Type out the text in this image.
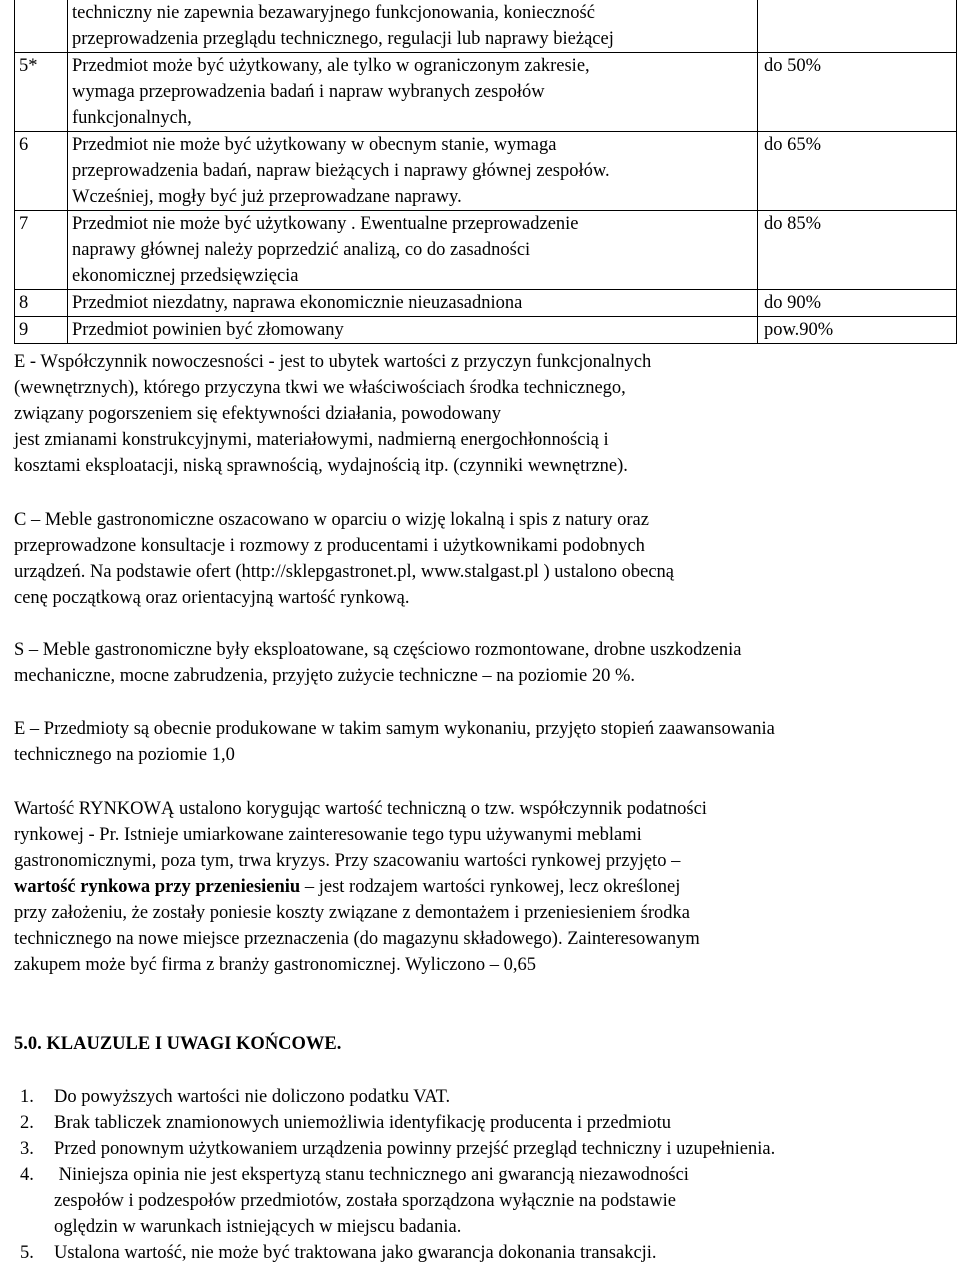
	techniczny nie zapewnia bezawaryjnego funkcjonowania, konieczność
przeprowadzenia przeglądu technicznego, regulacji lub naprawy bieżącej	

5*	Przedmiot może być użytkowany, ale tylko w ograniczonym zakresie,
wymaga przeprowadzenia badań i napraw wybranych zespołów
funkcjonalnych,	do 50%
6	Przedmiot nie może być użytkowany w obecnym stanie, wymaga
przeprowadzenia badań, napraw bieżących i naprawy głównej zespołów.
Wcześniej, mogły być już przeprowadzane naprawy.	do 65%
7	Przedmiot nie może być użytkowany . Ewentualne przeprowadzenie
naprawy głównej należy poprzedzić analizą, co do zasadności
ekonomicznej przedsięwzięcia	do 85%
8	Przedmiot niezdatny, naprawa ekonomicznie nieuzasadniona	do 90%
9	Przedmiot powinien być złomowany	pow.90%
E - Współczynnik nowoczesności - jest to ubytek wartości z przyczyn funkcjonalnych
(wewnętrznych), którego przyczyna tkwi we właściwościach środka technicznego,
związany pogorszeniem się efektywności działania, powodowany
jest zmianami konstrukcyjnymi, materiałowymi, nadmierną energochłonnością i
kosztami eksploatacji, niską sprawnością, wydajnością itp. (czynniki wewnętrzne).
C – Meble gastronomiczne oszacowano w oparciu o wizję lokalną i spis z natury oraz
przeprowadzone konsultacje i rozmowy z producentami i użytkownikami podobnych
urządzeń. Na podstawie ofert (http://sklepgastronet.pl, www.stalgast.pl ) ustalono obecną
cenę początkową oraz orientacyjną wartość rynkową.
S – Meble gastronomiczne były eksploatowane, są częściowo rozmontowane, drobne uszkodzenia
mechaniczne, mocne zabrudzenia, przyjęto zużycie techniczne – na poziomie 20 %.
E – Przedmioty są obecnie produkowane w takim samym wykonaniu, przyjęto stopień zaawansowania
technicznego na poziomie 1,0
Wartość RYNKOWĄ ustalono korygując wartość techniczną o tzw. współczynnik podatności
rynkowej - Pr. Istnieje umiarkowane zainteresowanie tego typu używanymi meblami
gastronomicznymi, poza tym, trwa kryzys. Przy szacowaniu wartości rynkowej przyjęto –
wartość rynkowa przy przeniesieniu – jest rodzajem wartości rynkowej, lecz określonej
przy założeniu, że zostały poniesie koszty związane z demontażem i przeniesieniem środka
technicznego na nowe miejsce przeznaczenia (do magazynu składowego). Zainteresowanym
zakupem może być firma z branży gastronomicznej. Wyliczono – 0,65
5.0. KLAUZULE I UWAGI KOŃCOWE.
1. Do powyższych wartości nie doliczono podatku VAT.
2. Brak tabliczek znamionowych uniemożliwia identyfikację producenta i przedmiotu
3. Przed ponownym użytkowaniem urządzenia powinny przejść przegląd techniczny i uzupełnienia.
4. Niniejsza opinia nie jest ekspertyzą stanu technicznego ani gwarancją niezawodności
zespołów i podzespołów przedmiotów, została sporządzona wyłącznie na podstawie
oględzin w warunkach istniejących w miejscu badania.
5. Ustalona wartość, nie może być traktowana jako gwarancja dokonania transakcji.
